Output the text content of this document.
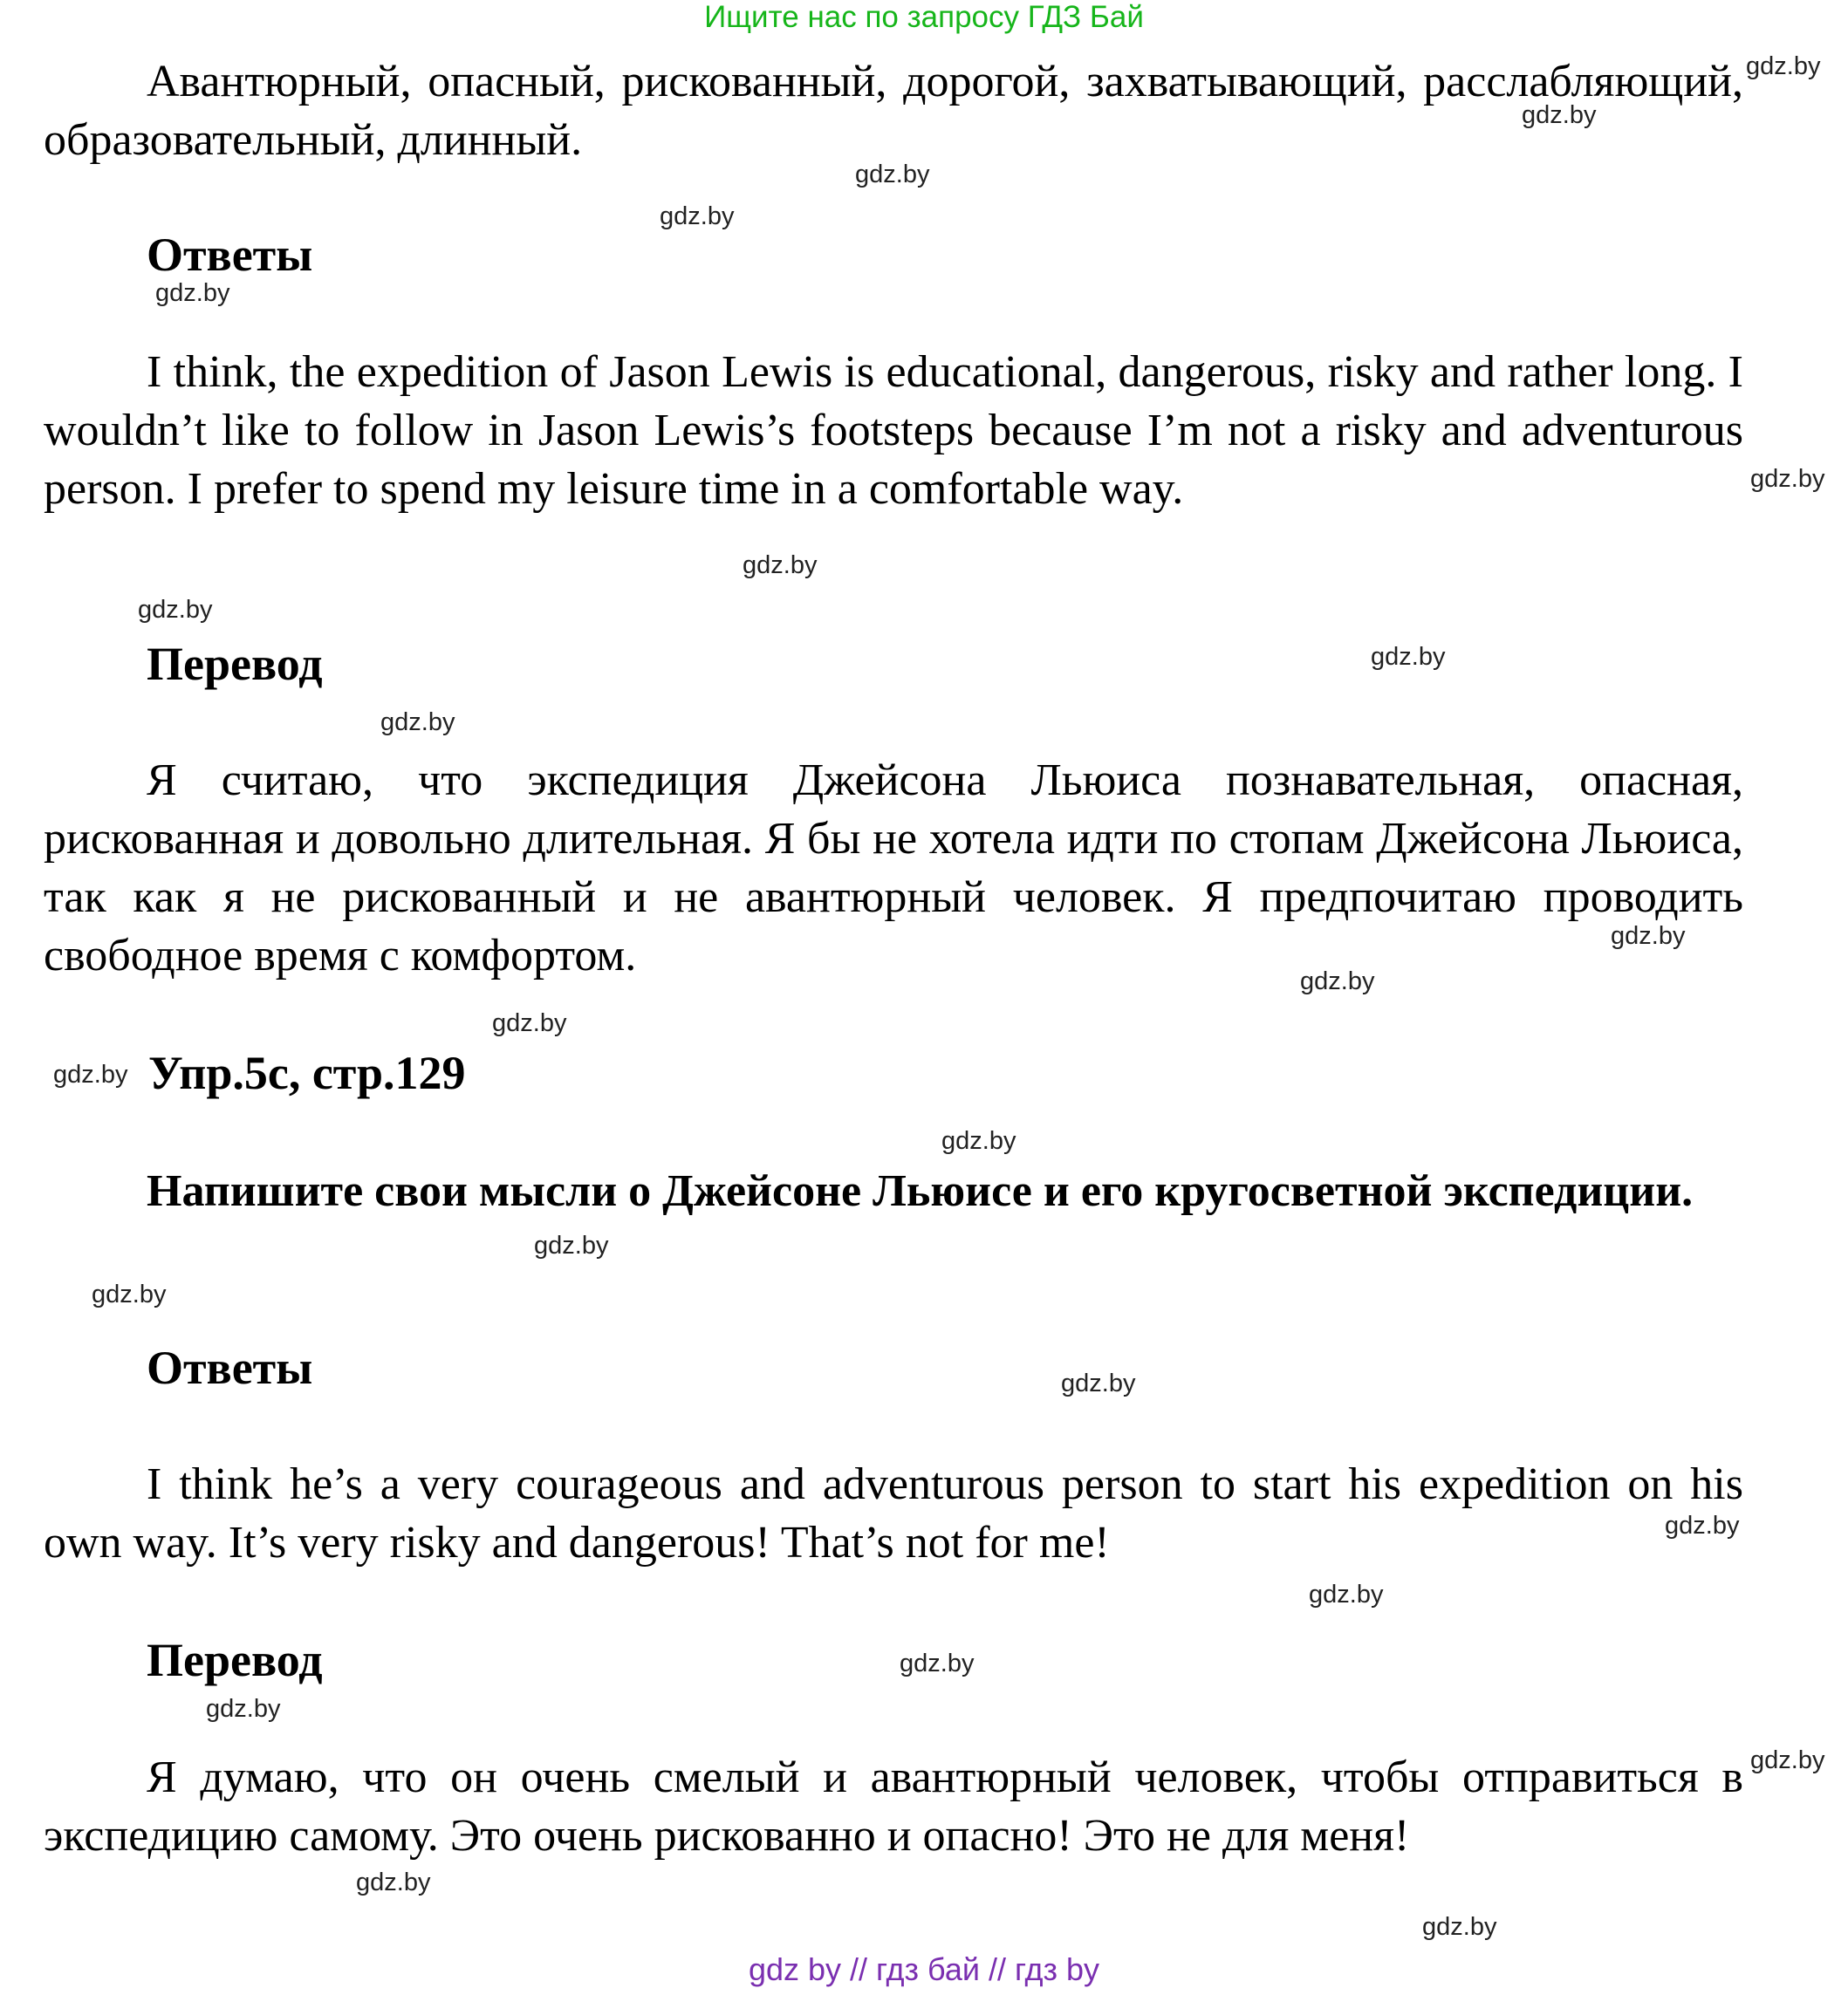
Ищите нас по запросу ГДЗ Бай
Авантюрный, опасный, рискованный, дорогой, захватывающий, расслабляющий, образовательный, длинный.
Ответы
I think, the expedition of Jason Lewis is educational, dangerous, risky and rather long. I wouldn’t like to follow in Jason Lewis’s footsteps because I’m not a risky and adventurous person. I prefer to spend my leisure time in a comfortable way.
Перевод
Я считаю, что экспедиция Джейсона Льюиса познавательная, опасная, рискованная и довольно длительная. Я бы не хотела идти по стопам Джейсона Льюиса, так как я не рискованный и не авантюрный человек. Я предпочитаю проводить свободное время с комфортом.
Упр.5с, стр.129
Напишите свои мысли о Джейсоне Льюисе и его кругосветной экспедиции.
Ответы
I think he’s a very courageous and adventurous person to start his expedition on his own way. It’s very risky and dangerous! That’s not for me!
Перевод
Я думаю, что он очень смелый и авантюрный человек, чтобы отправиться в экспедицию самому. Это очень рискованно и опасно! Это не для меня!
gdz.by
gdz.by
gdz.by
gdz.by
gdz.by
gdz.by
gdz.by
gdz.by
gdz.by
gdz.by
gdz.by
gdz.by
gdz.by
gdz.by
gdz.by
gdz.by
gdz.by
gdz.by
gdz.by
gdz.by
gdz.by
gdz.by
gdz.by
gdz.by
gdz.by
gdz by // гдз бай // гдз by
